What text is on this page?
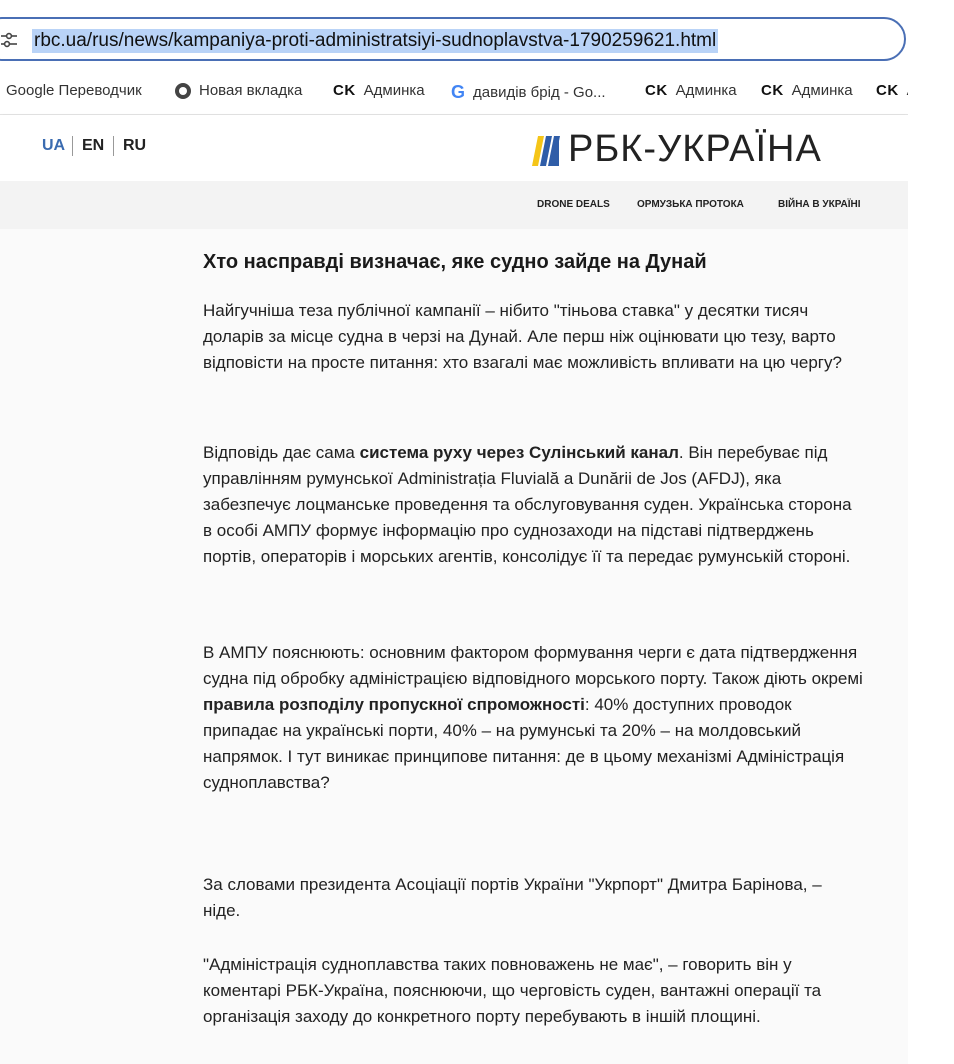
rbc.ua/rus/news/kampaniya-proti-administratsiyi-sudnoplavstva-1790259621.html
Google Переводчик	Новая вкладка CK Админка G давидів брід - Go...	CK Админка CK Админка CK
UA EN RU	РБК-УКРАЇНА
DRONE DEALS	ОРМУЗЬКА ПРОТОКА	ВІЙНА В УКРАЇНІ
Хто насправді визначає, яке судно зайде на Дунай

Найгучніша теза публічної кампанії – нібито "тіньова ставка" у десятки тисяч доларів за місце судна в черзі на Дунай. Але перш ніж оцінювати цю тезу, варто відповісти на просте питання: хто взагалі має можливість впливати на цю чергу?

Відповідь дає сама система руху через Сулінський канал. Він перебуває під управлінням румунської Administrația Fluvială a Dunării de Jos (AFDJ), яка забезпечує лоцманське проведення та обслуговування суден. Українська сторона в особі АМПУ формує інформацію про суднозаходи на підставі підтверджень портів, операторів і морських агентів, консолідує її та передає румунській стороні.

В АМПУ пояснюють: основним фактором формування черги є дата підтвердження судна під обробку адміністрацією відповідного морського порту. Також діють окремі правила розподілу пропускної спроможності: 40% доступних проводок припадає на українські порти, 40% – на румунські та 20% – на молдовський напрямок. І тут виникає принципове питання: де в цьому механізмі Адміністрація судноплавства?

За словами президента Асоціації портів України "Укрпорт" Дмитра Барінова, – ніде.

"Адміністрація судноплавства таких повноважень не має", – говорить він у коментарі РБК-Україна, пояснюючи, що черговість суден, вантажні операції та організація заходу до конкретного порту перебувають в іншій площині.
